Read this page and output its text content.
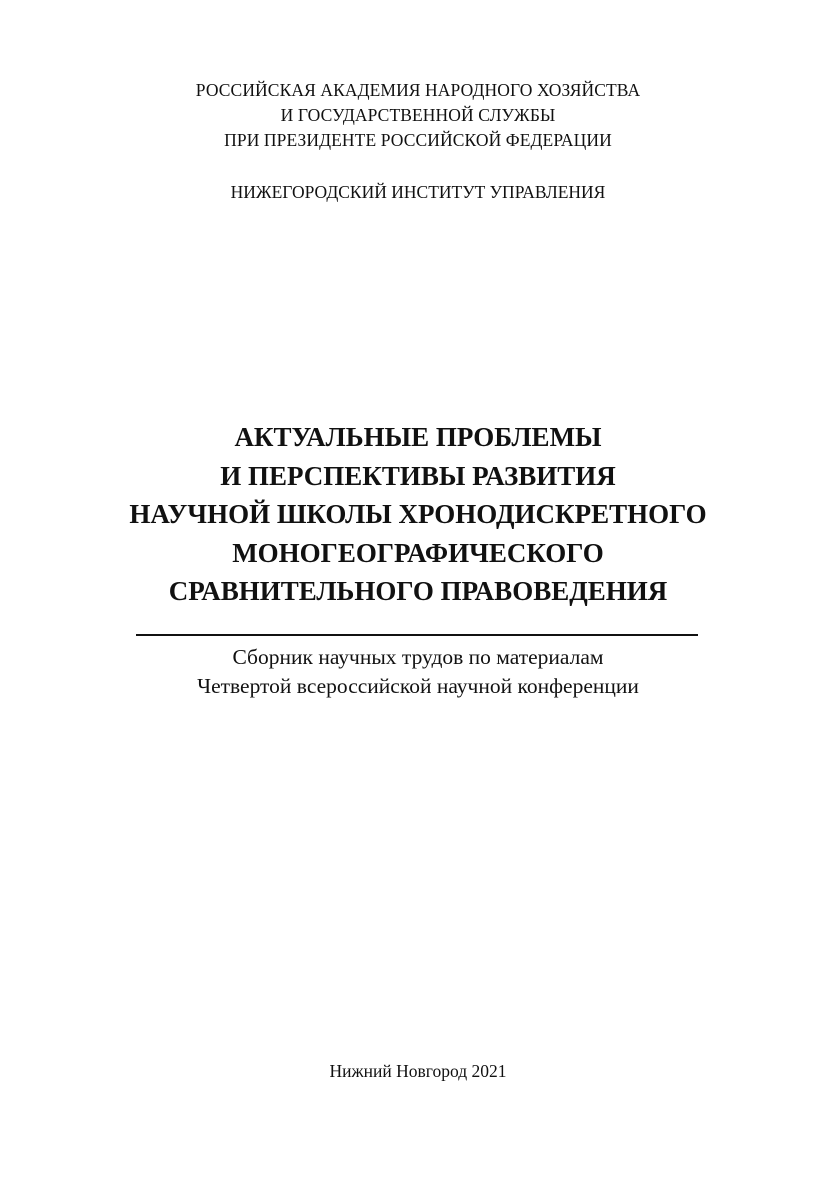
РОССИЙСКАЯ АКАДЕМИЯ НАРОДНОГО ХОЗЯЙСТВА
И ГОСУДАРСТВЕННОЙ СЛУЖБЫ
ПРИ ПРЕЗИДЕНТЕ РОССИЙСКОЙ ФЕДЕРАЦИИ
НИЖЕГОРОДСКИЙ ИНСТИТУТ УПРАВЛЕНИЯ
АКТУАЛЬНЫЕ ПРОБЛЕМЫ
И ПЕРСПЕКТИВЫ РАЗВИТИЯ
НАУЧНОЙ ШКОЛЫ ХРОНОДИСКРЕТНОГО
МОНОГЕОГРАФИЧЕСКОГО
СРАВНИТЕЛЬНОГО ПРАВОВЕДЕНИЯ
Сборник научных трудов по материалам
Четвертой всероссийской научной конференции
Нижний Новгород 2021
